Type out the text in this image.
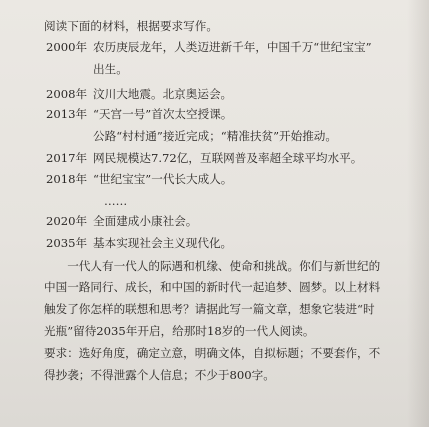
阅读下面的材料，根据要求写作。
2000年 农历庚辰龙年，人类迈进新千年，中国千万“世纪宝宝”
出生。
2008年 汶川大地震。北京奥运会。
2013年 “天宫一号”首次太空授课。
公路“村村通”接近完成；“精准扶贫”开始推动。
2017年 网民规模达7.72亿，互联网普及率超全球平均水平。
2018年 “世纪宝宝”一代长大成人。
……
2020年 全面建成小康社会。
2035年 基本实现社会主义现代化。
　　一代人有一代人的际遇和机缘、使命和挑战。你们与新世纪的
中国一路同行、成长，和中国的新时代一起追梦、圆梦。以上材料
触发了你怎样的联想和思考？请据此写一篇文章，想象它装进“时
光瓶”留待2035年开启，给那时18岁的一代人阅读。
要求：选好角度，确定立意，明确文体，自拟标题；不要套作，不
得抄袭；不得泄露个人信息；不少于800字。
